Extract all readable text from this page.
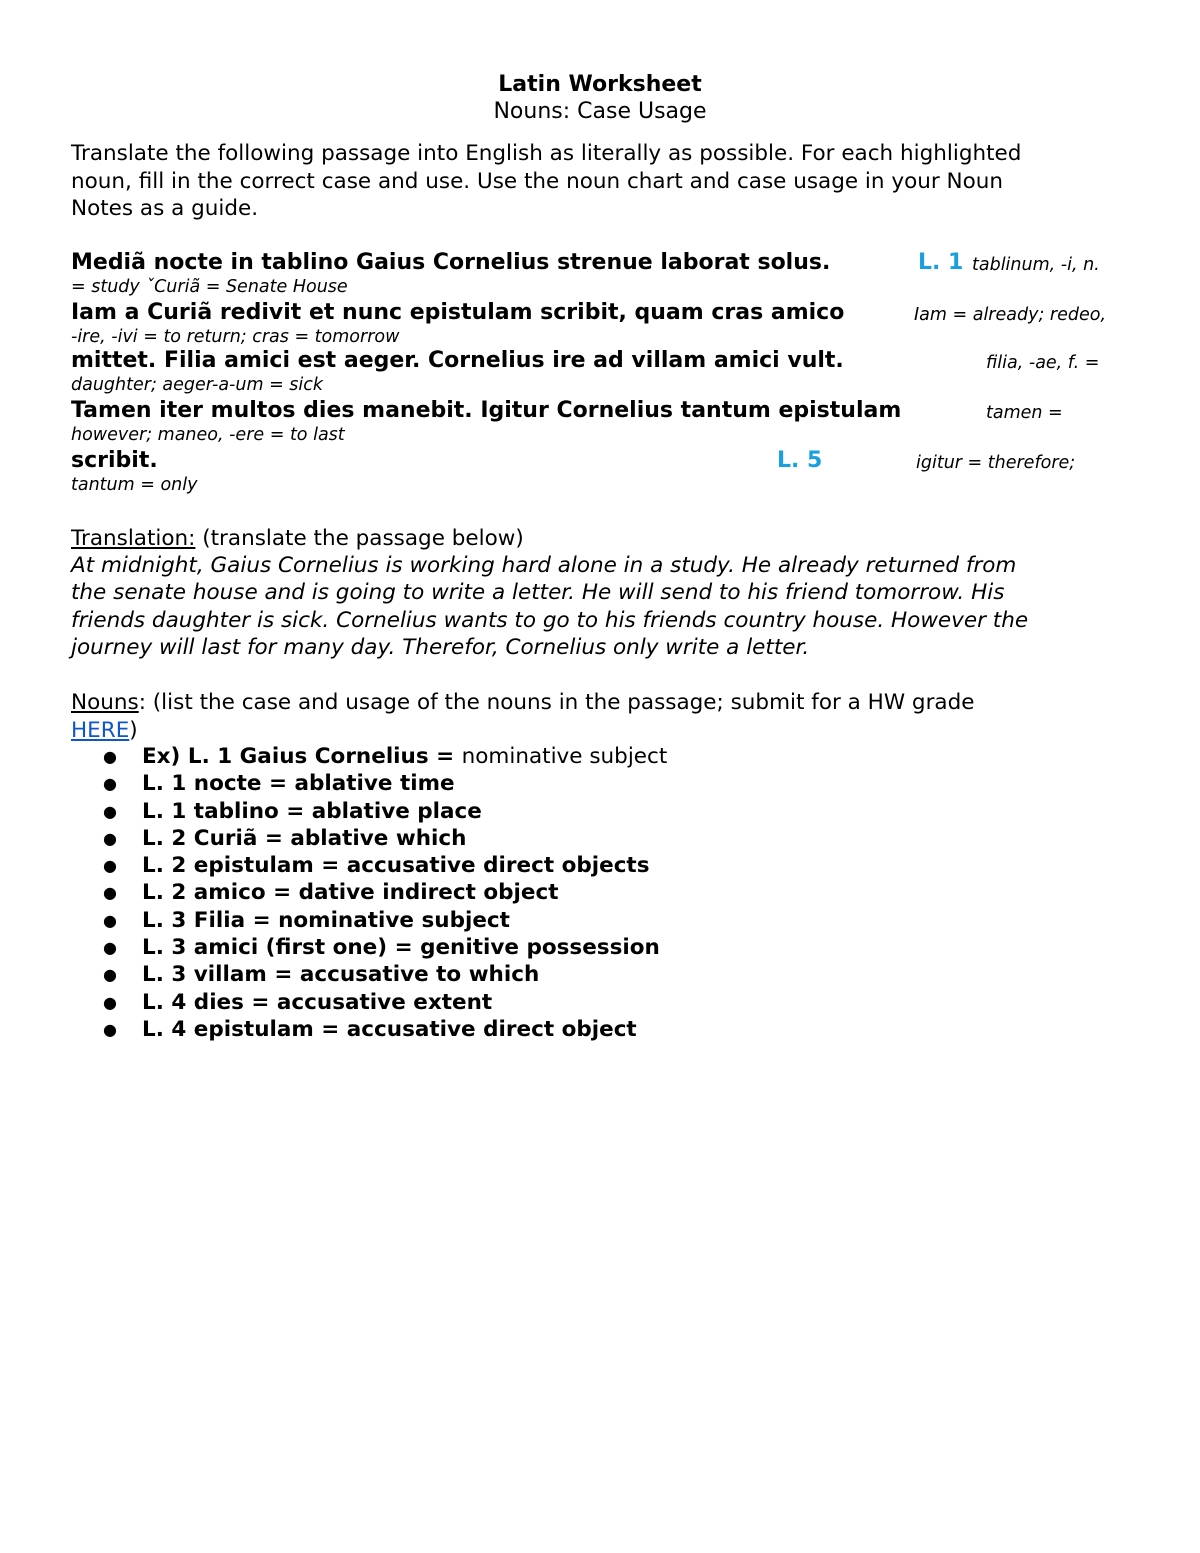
Latin Worksheet
Nouns: Case Usage
Translate the following passage into English as literally as possible. For each highlighted
noun, fill in the correct case and use. Use the noun chart and case usage in your Noun
Notes as a guide.
Mediã nocte in tablino Gaius Cornelius strenue laborat solus.	L. 1 tablinum, -i, n.
= study ˇCuriã = Senate House
Iam a Curiã redivit et nunc epistulam scribit, quam cras amico	Iam = already; redeo,
-ire, -ivi = to return; cras = tomorrow
mittet. Filia amici est aeger. Cornelius ire ad villam amici vult.	filia, -ae, f. =
daughter; aeger-a-um = sick
Tamen iter multos dies manebit. Igitur Cornelius tantum epistulam	tamen =
however; maneo, -ere = to last
scribit.	L. 5	igitur = therefore;
tantum = only
Translation: (translate the passage below)
At midnight, Gaius Cornelius is working hard alone in a study. He already returned from
the senate house and is going to write a letter. He will send to his friend tomorrow. His
friends daughter is sick. Cornelius wants to go to his friends country house. However the
journey will last for many day. Therefor, Cornelius only write a letter.
Nouns: (list the case and usage of the nouns in the passage; submit for a HW grade
HERE)
● Ex) L. 1 Gaius Cornelius = nominative subject
● L. 1 nocte = ablative time
● L. 1 tablino = ablative place
● L. 2 Curiã = ablative which
● L. 2 epistulam = accusative direct objects
● L. 2 amico = dative indirect object
● L. 3 Filia = nominative subject
● L. 3 amici (first one) = genitive possession
● L. 3 villam = accusative to which
● L. 4 dies = accusative extent
● L. 4 epistulam = accusative direct object
